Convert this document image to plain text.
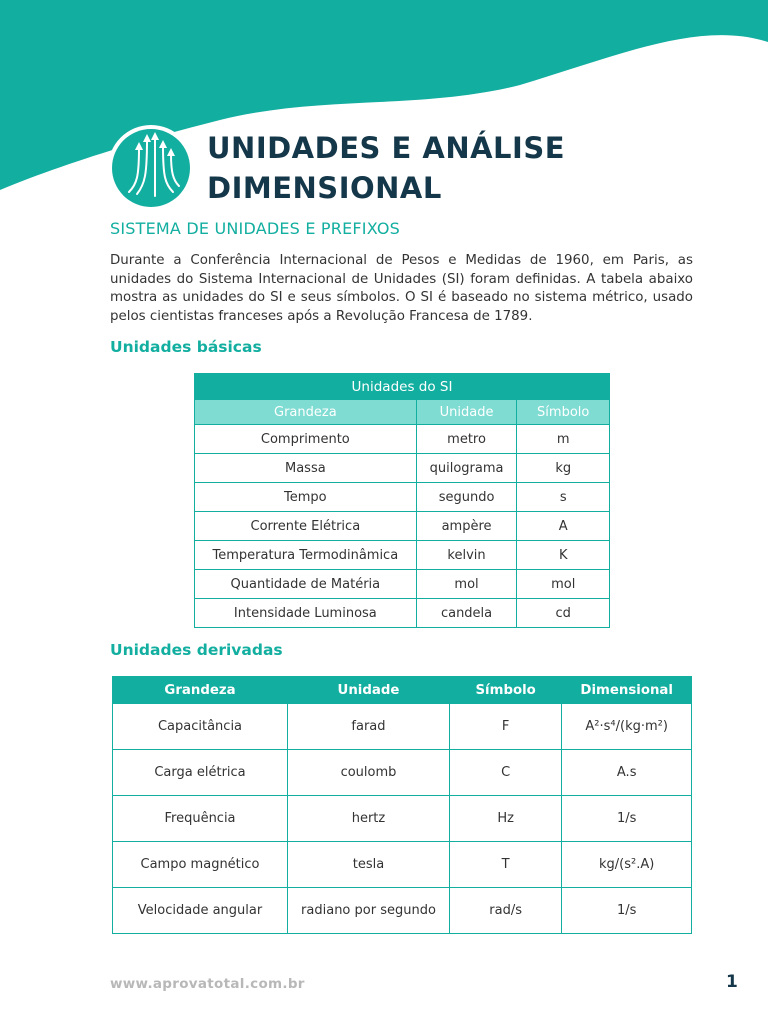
UNIDADES E ANÁLISE
DIMENSIONAL
SISTEMA DE UNIDADES E PREFIXOS

Durante a Conferência Internacional de Pesos e Medidas de 1960, em Paris, as unidades do Sistema Internacional de Unidades (SI) foram definidas. A tabela abaixo mostra as unidades do SI e seus símbolos. O SI é baseado no sistema métrico, usado pelos cientistas franceses após a Revolução Francesa de 1789.

Unidades básicas
Unidades do SI		
Grandeza	Unidade	Símbolo
Comprimento	metro	m
Massa	quilograma	kg
Tempo	segundo	s
Corrente Elétrica	ampère	A
Temperatura Termodinâmica	kelvin	K
Quantidade de Matéria	mol	mol
Intensidade Luminosa	candela	cd
Unidades derivadas
Grandeza	Unidade	Símbolo	Dimensional
Capacitância	farad	F	A²·s⁴/(kg·m²)
Carga elétrica	coulomb	C	A.s
Frequência	hertz	Hz	1/s
Campo magnético	tesla	T	kg/(s².A)
Velocidade angular	radiano por segundo	rad/s	1/s
www.aprovatotal.com.br	1
